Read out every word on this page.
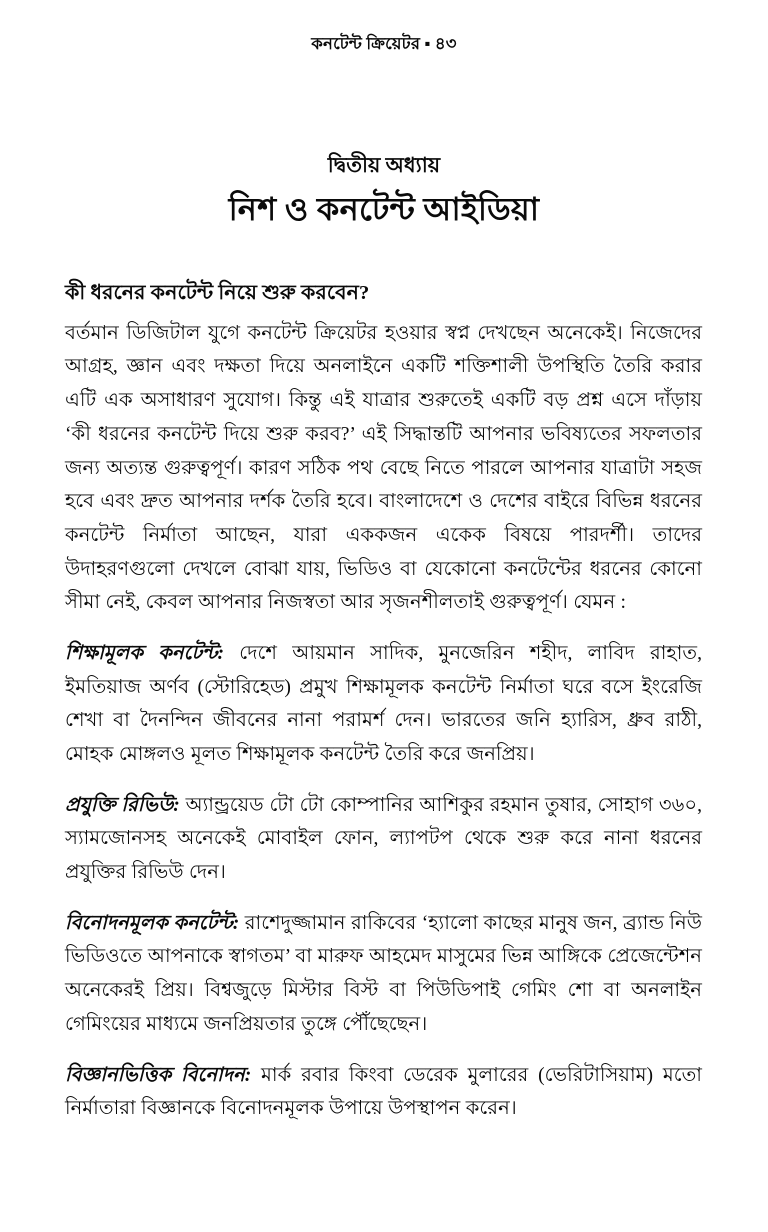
কনটেন্ট ক্রিয়েটর ▪ ৪৩
দ্বিতীয় অধ্যায়
নিশ ও কনটেন্ট আইডিয়া
কী ধরনের কনটেন্ট নিয়ে শুরু করবেন?

বর্তমান ডিজিটাল যুগে কনটেন্ট ক্রিয়েটর হওয়ার স্বপ্ন দেখছেন অনেকেই। নিজেদের আগ্রহ, জ্ঞান এবং দক্ষতা দিয়ে অনলাইনে একটি শক্তিশালী উপস্থিতি তৈরি করার এটি এক অসাধারণ সুযোগ। কিন্তু এই যাত্রার শুরুতেই একটি বড় প্রশ্ন এসে দাঁড়ায় ‘কী ধরনের কনটেন্ট দিয়ে শুরু করব?’ এই সিদ্ধান্তটি আপনার ভবিষ্যতের সফলতার জন্য অত্যন্ত গুরুত্বপূর্ণ। কারণ সঠিক পথ বেছে নিতে পারলে আপনার যাত্রাটা সহজ হবে এবং দ্রুত আপনার দর্শক তৈরি হবে। বাংলাদেশে ও দেশের বাইরে বিভিন্ন ধরনের কনটেন্ট নির্মাতা আছেন, যারা এককজন একেক বিষয়ে পারদর্শী। তাদের উদাহরণগুলো দেখলে বোঝা যায়, ভিডিও বা যেকোনো কনটেন্টের ধরনের কোনো সীমা নেই, কেবল আপনার নিজস্বতা আর সৃজনশীলতাই গুরুত্বপূর্ণ। যেমন :

শিক্ষামূলক কনটেন্ট: দেশে আয়মান সাদিক, মুনজেরিন শহীদ, লাবিদ রাহাত, ইমতিয়াজ অর্ণব (স্টোরিহেড) প্রমুখ শিক্ষামূলক কনটেন্ট নির্মাতা ঘরে বসে ইংরেজি শেখা বা দৈনন্দিন জীবনের নানা পরামর্শ দেন। ভারতের জনি হ্যারিস, ধ্রুব রাঠী, মোহক মোঙ্গলও মূলত শিক্ষামূলক কনটেন্ট তৈরি করে জনপ্রিয়।

প্রযুক্তি রিভিউ: অ্যান্ড্রয়েড টো টো কোম্পানির আশিকুর রহমান তুষার, সোহাগ ৩৬০, স্যামজোনসহ অনেকেই মোবাইল ফোন, ল্যাপটপ থেকে শুরু করে নানা ধরনের প্রযুক্তির রিভিউ দেন।

বিনোদনমূলক কনটেন্ট: রাশেদুজ্জামান রাকিবের ‘হ্যালো কাছের মানুষ জন, ব্র্যান্ড নিউ ভিডিওতে আপনাকে স্বাগতম’ বা মারুফ আহমেদ মাসুমের ভিন্ন আঙ্গিকে প্রেজেন্টেশন অনেকেরই প্রিয়। বিশ্বজুড়ে মিস্টার বিস্ট বা পিউডিপাই গেমিং শো বা অনলাইন গেমিংয়ের মাধ্যমে জনপ্রিয়তার তুঙ্গে পৌঁছেছেন।

বিজ্ঞানভিত্তিক বিনোদন: মার্ক রবার কিংবা ডেরেক মুলারের (ভেরিটাসিয়াম) মতো নির্মাতারা বিজ্ঞানকে বিনোদনমূলক উপায়ে উপস্থাপন করেন।
